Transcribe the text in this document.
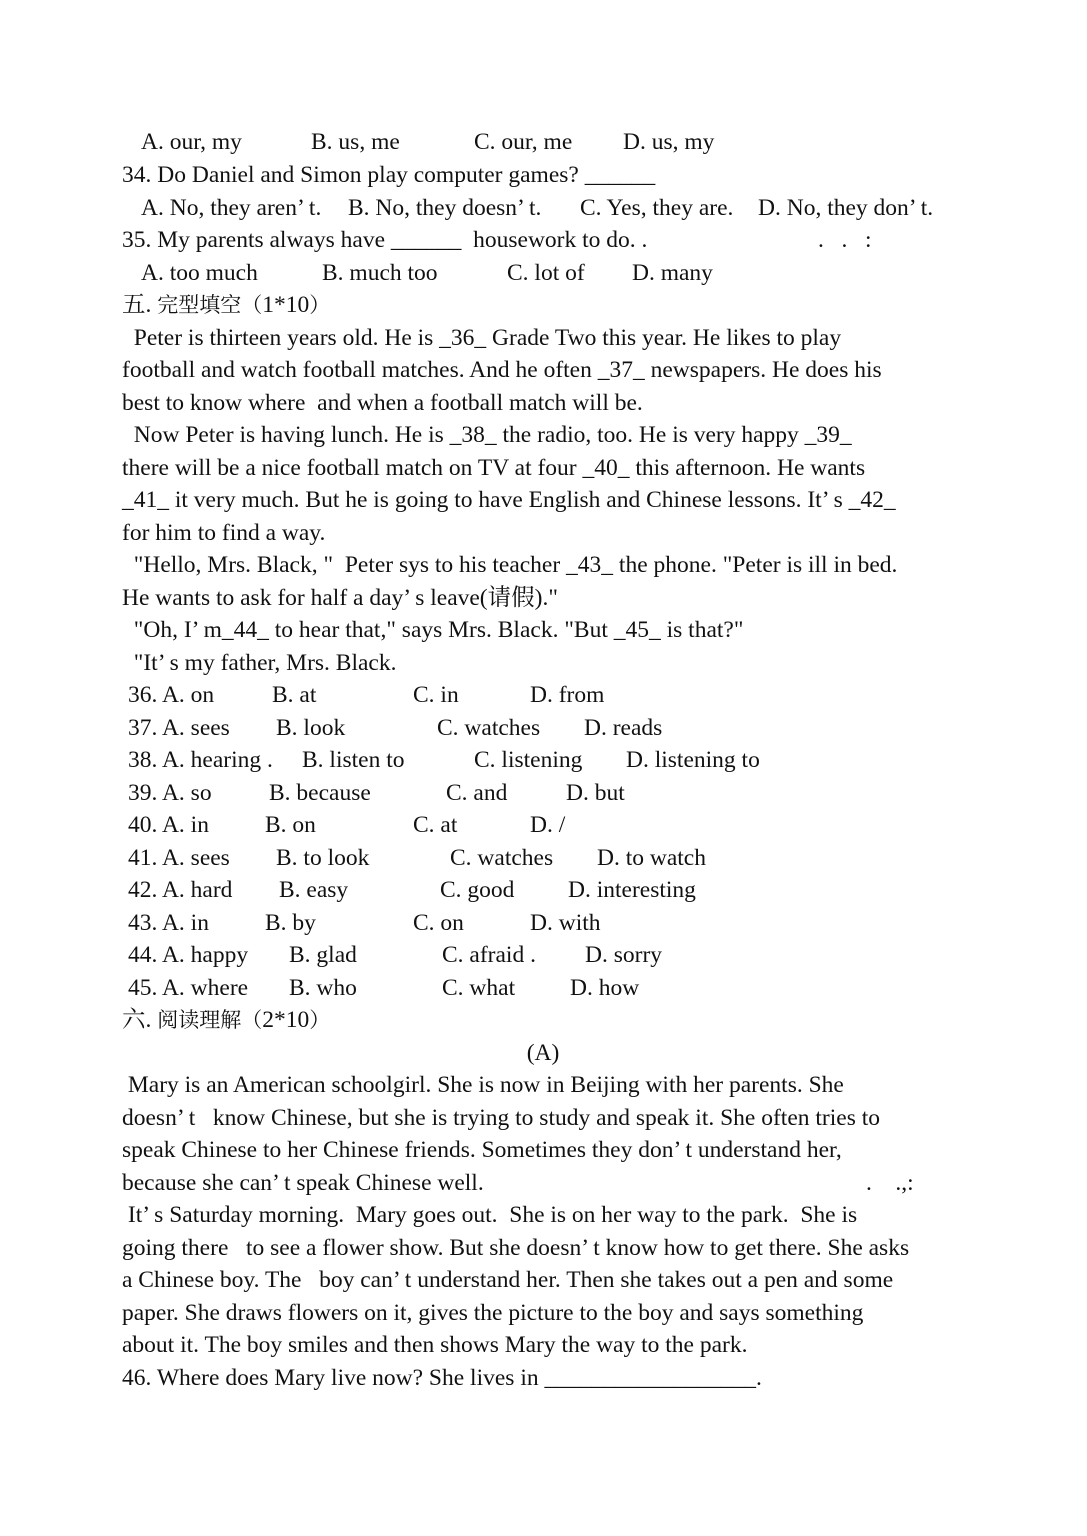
A. our, my	B. us, me	C. our, me D. us, my
34. Do Daniel and Simon play computer games? ______
A. No, they aren’ t. B. No, they doesn’ t. C. Yes, they are. D. No, they don’ t.
35. My parents always have ______  housework to do. .	.   .   :
A. too much	B. much too	C. lot of D. many
五. 完型填空（1*10）
Peter is thirteen years old. He is _36_ Grade Two this year. He likes to play
football and watch football matches. And he often _37_ newspapers. He does his
best to know where  and when a football match will be.
Now Peter is having lunch. He is _38_ the radio, too. He is very happy _39_
there will be a nice football match on TV at four _40_ this afternoon. He wants
_41_ it very much. But he is going to have English and Chinese lessons. It’ s _42_
for him to find a way.
"Hello, Mrs. Black, "  Peter sys to his teacher _43_ the phone. "Peter is ill in bed.
He wants to ask for half a day’ s leave(请假)."
"Oh, I’ m_44_ to hear that," says Mrs. Black. "But _45_ is that?"
"It’ s my father, Mrs. Black.
36. A. on B. at	C. in	D. from
37. A. sees B. look	C. watches D. reads
38. A. hearing . B. listen to	C. listening D. listening to
39. A. so B. because	C. and D. but
40. A. in B. on	C. at	D. /
41. A. sees B. to look	C. watches D. to watch
42. A. hard B. easy	C. good D. interesting
43. A. in B. by	C. on	D. with
44. A. happy B. glad	C. afraid . D. sorry
45. A. where B. who	C. what D. how
六. 阅读理解（2*10）
(A)
Mary is an American schoolgirl. She is now in Beijing with her parents. She
doesn’ t   know Chinese, but she is trying to study and speak it. She often tries to
speak Chinese to her Chinese friends. Sometimes they don’ t understand her,
because she can’ t speak Chinese well.	.    .,:
It’ s Saturday morning.  Mary goes out.  She is on her way to the park.  She is
going there   to see a flower show. But she doesn’ t know how to get there. She asks
a Chinese boy. The   boy can’ t understand her. Then she takes out a pen and some
paper. She draws flowers on it, gives the picture to the boy and says something
about it. The boy smiles and then shows Mary the way to the park.
46. Where does Mary live now? She lives in __________________.
